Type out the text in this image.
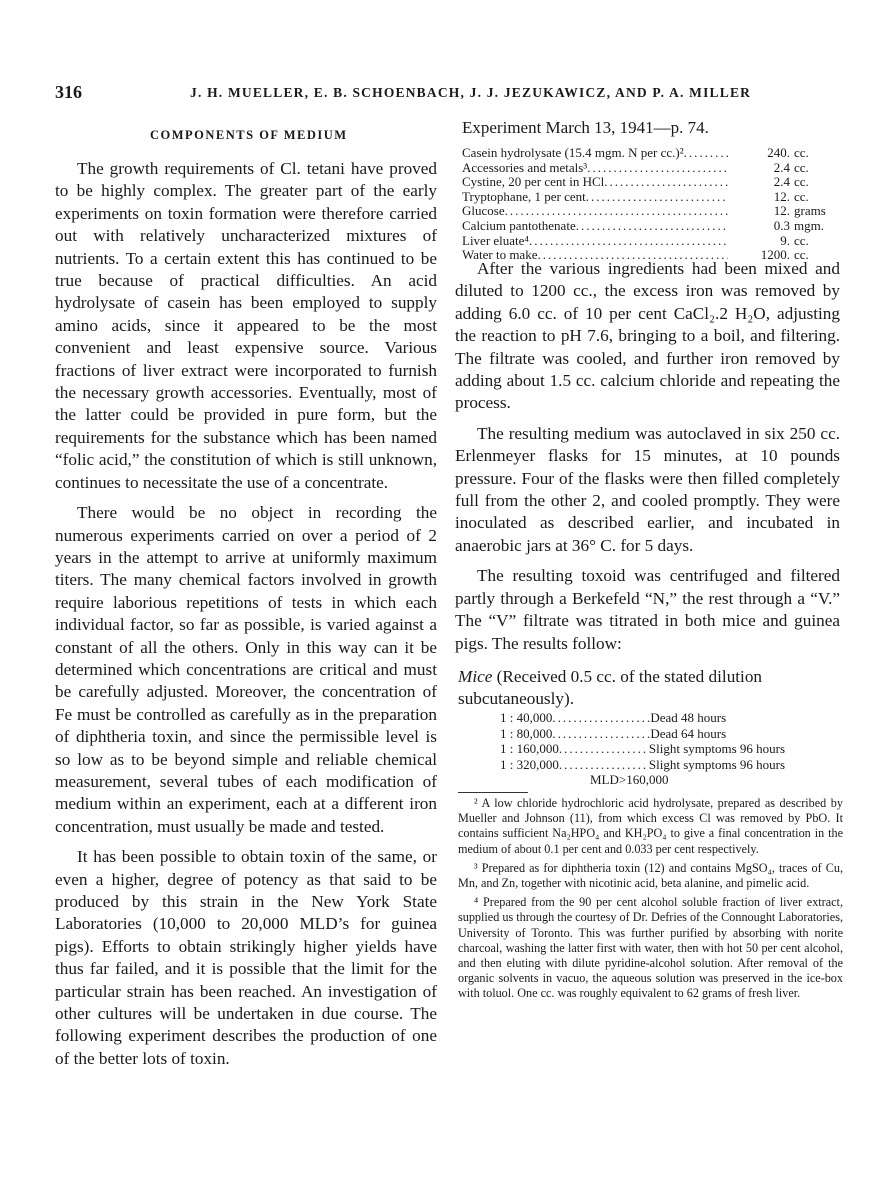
316	J. H. MUELLER, E. B. SCHOENBACH, J. J. JEZUKAWICZ, AND P. A. MILLER
COMPONENTS OF MEDIUM

The growth requirements of Cl. tetani have proved to be highly complex. The greater part of the early experiments on toxin formation were therefore carried out with relatively uncharacterized mixtures of nutrients. To a certain extent this has continued to be true because of practical difficulties. An acid hydrolysate of casein has been employed to supply amino acids, since it appeared to be the most convenient and least expensive source. Various fractions of liver extract were incorporated to furnish the necessary growth accessories. Eventually, most of the latter could be provided in pure form, but the requirements for the substance which has been named “folic acid,” the constitution of which is still unknown, continues to necessitate the use of a concentrate.

There would be no object in recording the numerous experiments carried on over a period of 2 years in the attempt to arrive at uniformly maximum titers. The many chemical factors involved in growth require laborious repetitions of tests in which each individual factor, so far as possible, is varied against a constant of all the others. Only in this way can it be determined which concentrations are critical and must be carefully adjusted. Moreover, the concentration of Fe must be controlled as carefully as in the preparation of diphtheria toxin, and since the permissible level is so low as to be beyond simple and reliable chemical measurement, several tubes of each modification of medium within an experiment, each at a different iron concentration, must usually be made and tested.

It has been possible to obtain toxin of the same, or even a higher, degree of potency as that said to be produced by this strain in the New York State Laboratories (10,000 to 20,000 MLD’s for guinea pigs). Efforts to obtain strikingly higher yields have thus far failed, and it is possible that the limit for the particular strain has been reached. An investigation of other cultures will be undertaken in due course. The following experiment describes the production of one of the better lots of toxin.

Experiment March 13, 1941—p. 74.
Casein hydrolysate (15.4 mgm. N per cc.)² .....	240. cc.
Accessories and metals³ .....	2.4 cc.
Cystine, 20 per cent in HCl .....	2.4 cc.
Tryptophane, 1 per cent .....	12. cc.
Glucose .....	12. grams
Calcium pantothenate .....	0.3 mgm.
Liver eluate⁴ .....	9. cc.
Water to make .....	1200. cc.

After the various ingredients had been mixed and diluted to 1200 cc., the excess iron was removed by adding 6.0 cc. of 10 per cent CaCl₂.2 H₂O, adjusting the reaction to pH 7.6, bringing to a boil, and filtering. The filtrate was cooled, and further iron removed by adding about 1.5 cc. calcium chloride and repeating the process.

The resulting medium was autoclaved in six 250 cc. Erlenmeyer flasks for 15 minutes, at 10 pounds pressure. Four of the flasks were then filled completely full from the other 2, and cooled promptly. They were inoculated as described earlier, and incubated in anaerobic jars at 36° C. for 5 days.

The resulting toxoid was centrifuged and filtered partly through a Berkefeld “N,” the rest through a “V.” The “V” filtrate was titrated in both mice and guinea pigs. The results follow:

Mice (Received 0.5 cc. of the stated dilution subcutaneously).
1 : 40,000 .....	Dead 48 hours
1 : 80,000 .....	Dead 64 hours
1 : 160,000 .....	Slight symptoms 96 hours
1 : 320,000 .....	Slight symptoms 96 hours
MLD>160,000

² A low chloride hydrochloric acid hydrolysate, prepared as described by Mueller and Johnson (11), from which excess Cl was removed by PbO. It contains sufficient Na₂HPO₄ and KH₂PO₄ to give a final concentration in the medium of about 0.1 per cent and 0.033 per cent respectively.

³ Prepared as for diphtheria toxin (12) and contains MgSO₄, traces of Cu, Mn, and Zn, together with nicotinic acid, beta alanine, and pimelic acid.

⁴ Prepared from the 90 per cent alcohol soluble fraction of liver extract, supplied us through the courtesy of Dr. Defries of the Connought Laboratories, University of Toronto. This was further purified by absorbing with norite charcoal, washing the latter first with water, then with hot 50 per cent alcohol, and then eluting with dilute pyridine-alcohol solution. After removal of the organic solvents in vacuo, the aqueous solution was preserved in the ice-box with toluol. One cc. was roughly equivalent to 62 grams of fresh liver.
